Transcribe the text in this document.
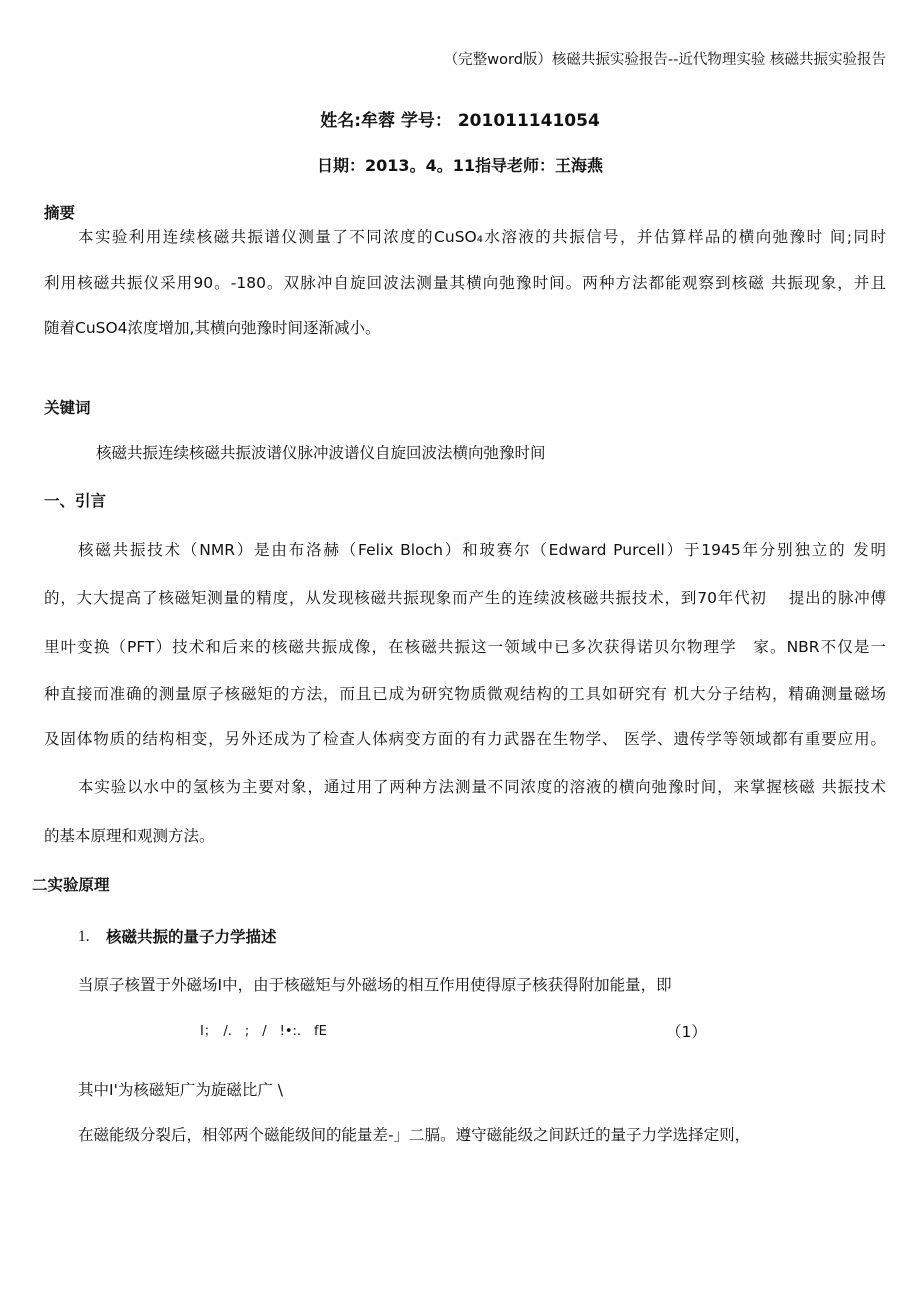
（完整word版）核磁共振实验报告--近代物理实验 核磁共振实验报告
姓名:牟蓉 学号： 201011141054
日期：2013。4。11指导老师：王海燕
摘要
本实验利用连续核磁共振谱仪测量了不同浓度的CuSO₄水溶液的共振信号，并估算样品的横向弛豫时 间;同时
利用核磁共振仪采用90。-180。双脉冲自旋回波法测量其横向弛豫时间。两种方法都能观察到核磁 共振现象，并且
随着CuSO4浓度增加,其横向弛豫时间逐渐减小。
关键词
核磁共振连续核磁共振波谱仪脉冲波谱仪自旋回波法横向弛豫时间
一、引言
核磁共振技术（NMR）是由布洛赫（Felix Bloch）和玻赛尔（Edward Purcell）于1945年分别独立的 发明
的，大大提高了核磁矩测量的精度，从发现核磁共振现象而产生的连续波核磁共振技术，到70年代初　 提出的脉冲傅
里叶变换（PFT）技术和后来的核磁共振成像，在核磁共振这一领域中已多次获得诺贝尔物理学　家。NBR不仅是一
种直接而准确的测量原子核磁矩的方法，而且已成为研究物质微观结构的工具如研究有 机大分子结构，精确测量磁场
及固体物质的结构相变，另外还成为了检查人体病变方面的有力武器在生物学、 医学、遗传学等领域都有重要应用。
本实验以水中的氢核为主要对象，通过用了两种方法测量不同浓度的溶液的横向弛豫时间，来掌握核磁 共振技术
的基本原理和观测方法。
二实验原理
1. 核磁共振的量子力学描述
当原子核置于外磁场I中，由于核磁矩与外磁场的相互作用使得原子核获得附加能量，即
I；　/.　;　/　!•:.　fE	（1）
其中I'为核磁矩广为旋磁比广 \
在磁能级分裂后，相邻两个磁能级间的能量差-」二膈。遵守磁能级之间跃迁的量子力学选择定则，
